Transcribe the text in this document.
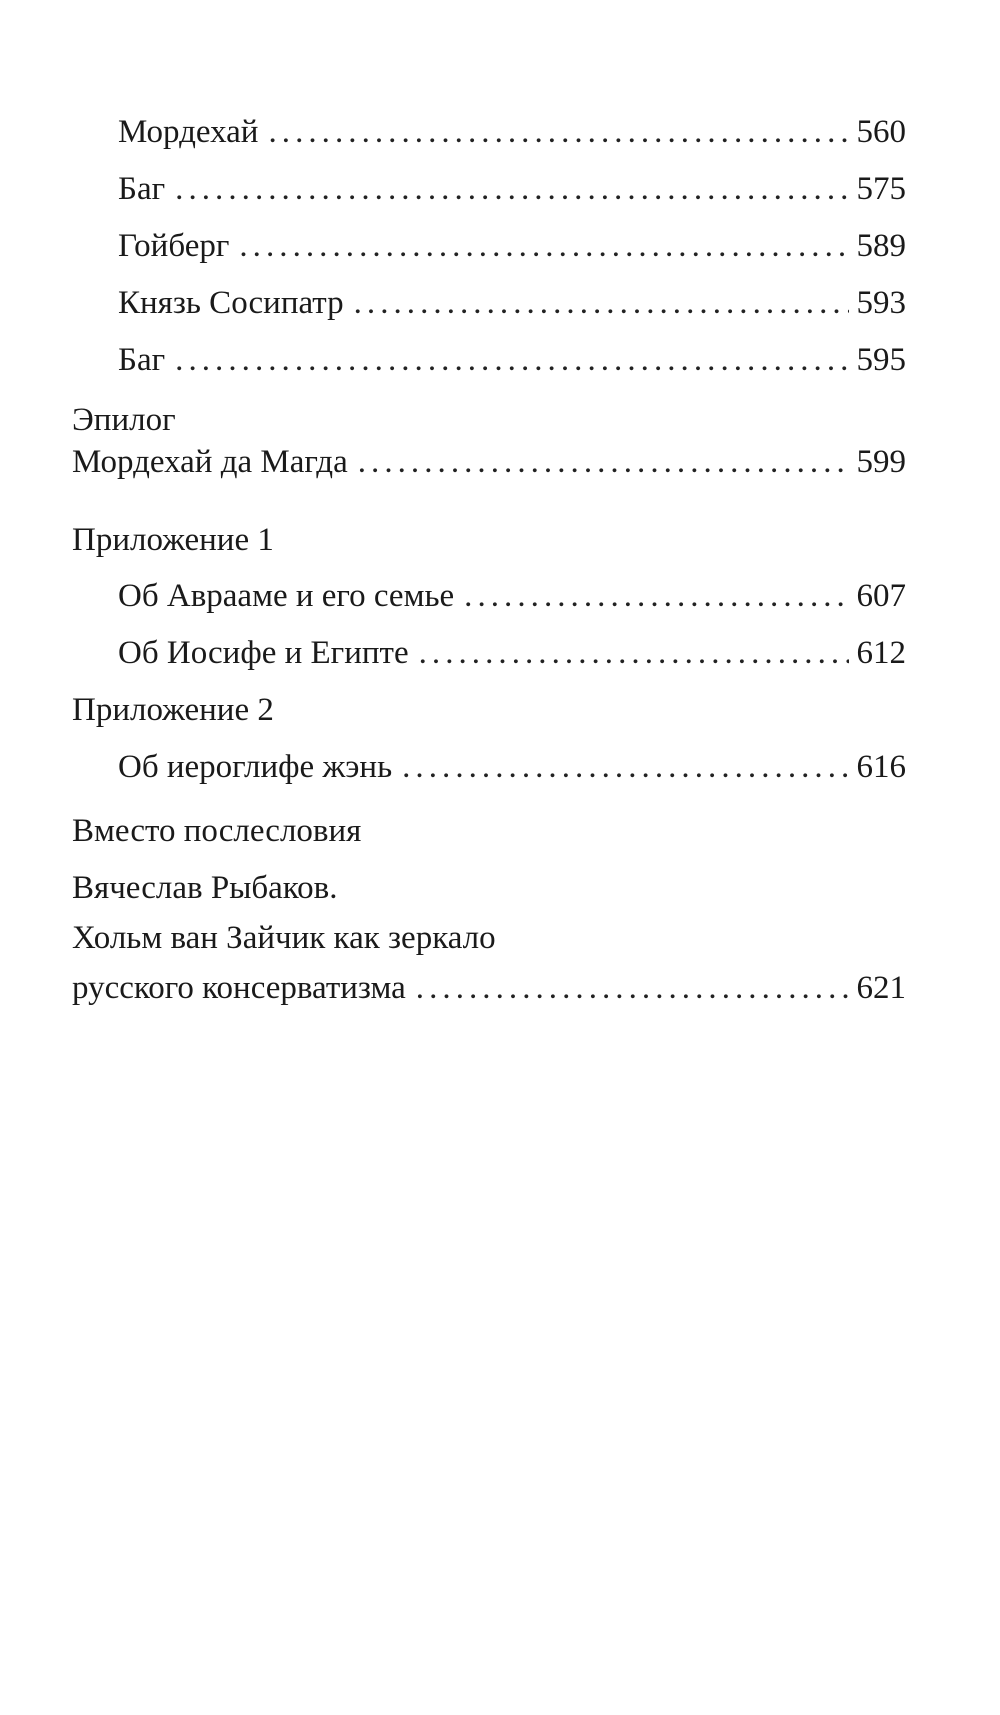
Мордехай . . .	560
Баг . . .	575
Гойберг . . .	589
Князь Сосипатр . . .	593
Баг . . .	595
Эпилог
Мордехай да Магда . . .	599
Приложение 1
Об Аврааме и его семье . . .	607
Об Иосифе и Египте . . .	612
Приложение 2
Об иероглифе жэнь . . .	616
Вместо послесловия
Вячеслав Рыбаков.
Хольм ван Зайчик как зеркало
русского консерватизма . . .	621
